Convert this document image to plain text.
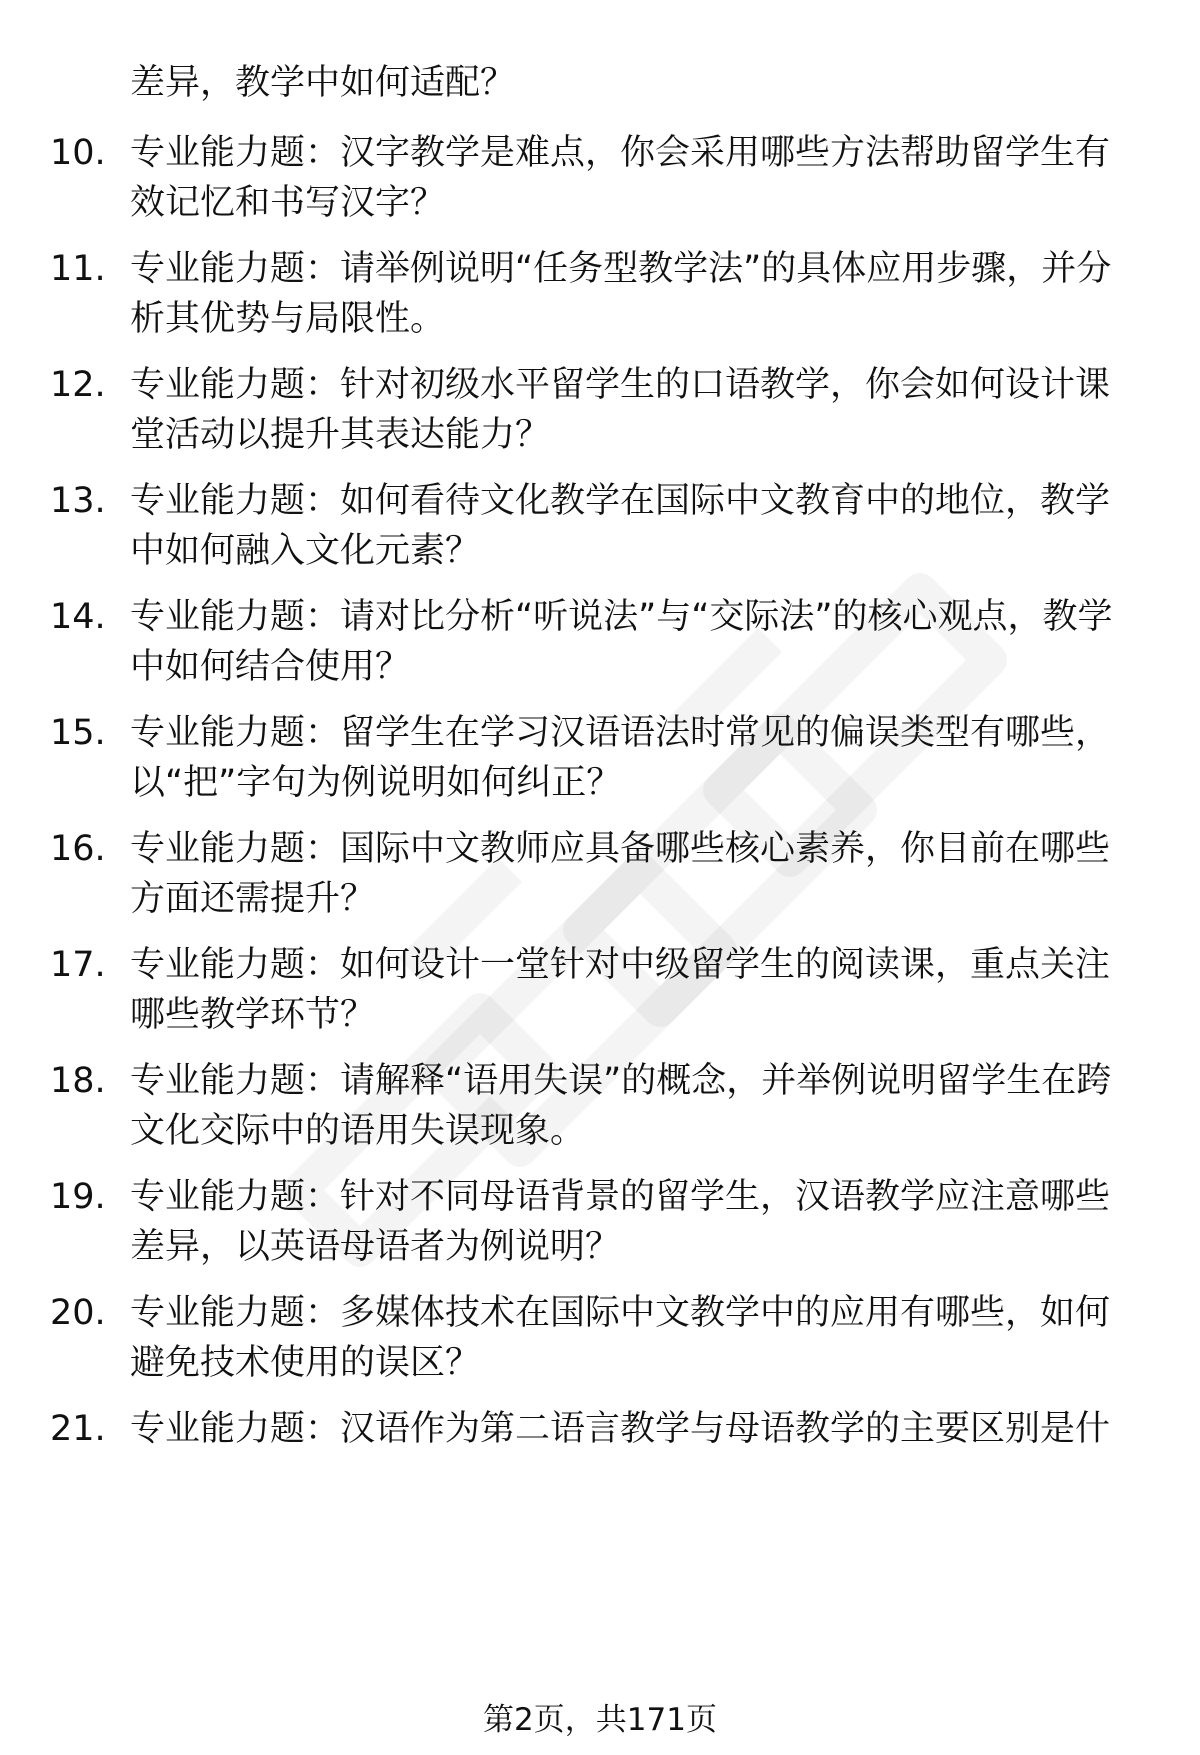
差异，教学中如何适配？

10. 专业能力题：汉字教学是难点，你会采用哪些方法帮助留学生有效记忆和书写汉字？

11. 专业能力题：请举例说明“任务型教学法”的具体应用步骤，并分析其优势与局限性。

12. 专业能力题：针对初级水平留学生的口语教学，你会如何设计课堂活动以提升其表达能力？

13. 专业能力题：如何看待文化教学在国际中文教育中的地位，教学中如何融入文化元素？

14. 专业能力题：请对比分析“听说法”与“交际法”的核心观点，教学中如何结合使用？

15. 专业能力题：留学生在学习汉语语法时常见的偏误类型有哪些，以“把”字句为例说明如何纠正？

16. 专业能力题：国际中文教师应具备哪些核心素养，你目前在哪些方面还需提升？

17. 专业能力题：如何设计一堂针对中级留学生的阅读课，重点关注哪些教学环节？

18. 专业能力题：请解释“语用失误”的概念，并举例说明留学生在跨文化交际中的语用失误现象。

19. 专业能力题：针对不同母语背景的留学生，汉语教学应注意哪些差异，以英语母语者为例说明？

20. 专业能力题：多媒体技术在国际中文教学中的应用有哪些，如何避免技术使用的误区？

21. 专业能力题：汉语作为第二语言教学与母语教学的主要区别是什

第2页，共171页
